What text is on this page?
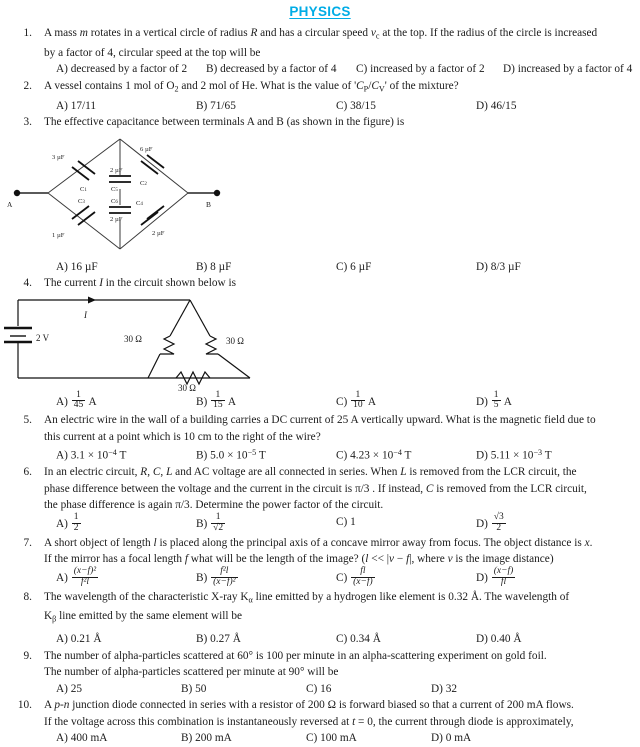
PHYSICS
1.	A mass m rotates in a vertical circle of radius R and has a circular speed $v_c$ at the top. If the radius of the circle is increased
by a factor of 4, circular speed at the top will be
A) decreased by a factor of 2	B) decreased by a factor of 4	C) increased by a factor of 2	D) increased by a factor of 4
2.	A vessel contains 1 mol of $O_2$ and 2 mol of He. What is the value of '$C_P/C_V$' of the mixture?
A) 17/11	B) 71/65	C) 38/15	D) 46/15
3.	The effective capacitance between terminals A and B (as shown in the figure) is
A	B
3 µF
C1
6 µF
C2
1 µF
C3
2 µF
C4
2 µF
C5
C6
2 µF
A) 16 µF	B) 8 µF	C) 6 µF	D) 8/3 µF
4.	The current I in the circuit shown below is
2 V
I
30 Ω	30 Ω
30 Ω
$A) \frac{1}{45}$ A	$B) \frac{1}{15}$ A	$C) \frac{1}{10}$ A	$D) \frac{1}{5}$ A
5.	An electric wire in the wall of a building carries a DC current of 25 A vertically upward. What is the magnetic field due to
this current at a point which is 10 cm to the right of the wire?
A) $3.1 \times 10^{-4}$ T	B) $5.0 \times 10^{-5}$ T	C) $4.23 \times 10^{-4}$ T	D) $5.11 \times 10^{-3}$ T
6.	In an electric circuit, R, C, L and AC voltage are all connected in series. When L is removed from the LCR circuit, the
phase difference between the voltage and the current in the circuit is π/3 . If instead, C is removed from the LCR circuit,
the phase difference is again π/3. Determine the power factor of the circuit.
$A) \frac{1}{2}$	$B) \frac{1}{√2}$	C) 1	$D) \frac{√3}{2}$
7.	A short object of length l is placed along the principal axis of a concave mirror away from focus. The object distance is x.
If the mirror has a focal length f what will be the length of the image? (l << |v − f|, where v is the image distance)
$A) \frac{\text{(x−f)²}}{\text{f²l}}$	$B) \frac{\text{f²l}}{\text{(x−f)²}}$	$C) \frac{fl}{(x-f)}$	$D) \frac{(x-f)}{fl}$
8.	The wavelength of the characteristic X-ray $K_\alpha$ line emitted by a hydrogen like element is 0.32 Å. The wavelength of
$K_\beta$ line emitted by the same element will be
A) 0.21 Å	B) 0.27 Å	C) 0.34 Å	D) 0.40 Å
9.	The number of alpha-particles scattered at 60° is 100 per minute in an alpha-scattering experiment on gold foil.
The number of alpha-particles scattered per minute at 90° will be
A) 25	B) 50	C) 16	D) 32
10.	A p-n junction diode connected in series with a resistor of 200 Ω is forward biased so that a current of 200 mA flows.
If the voltage across this combination is instantaneously reversed at t = 0, the current through diode is approximately,
A) 400 mA	B) 200 mA	C) 100 mA	D) 0 mA
